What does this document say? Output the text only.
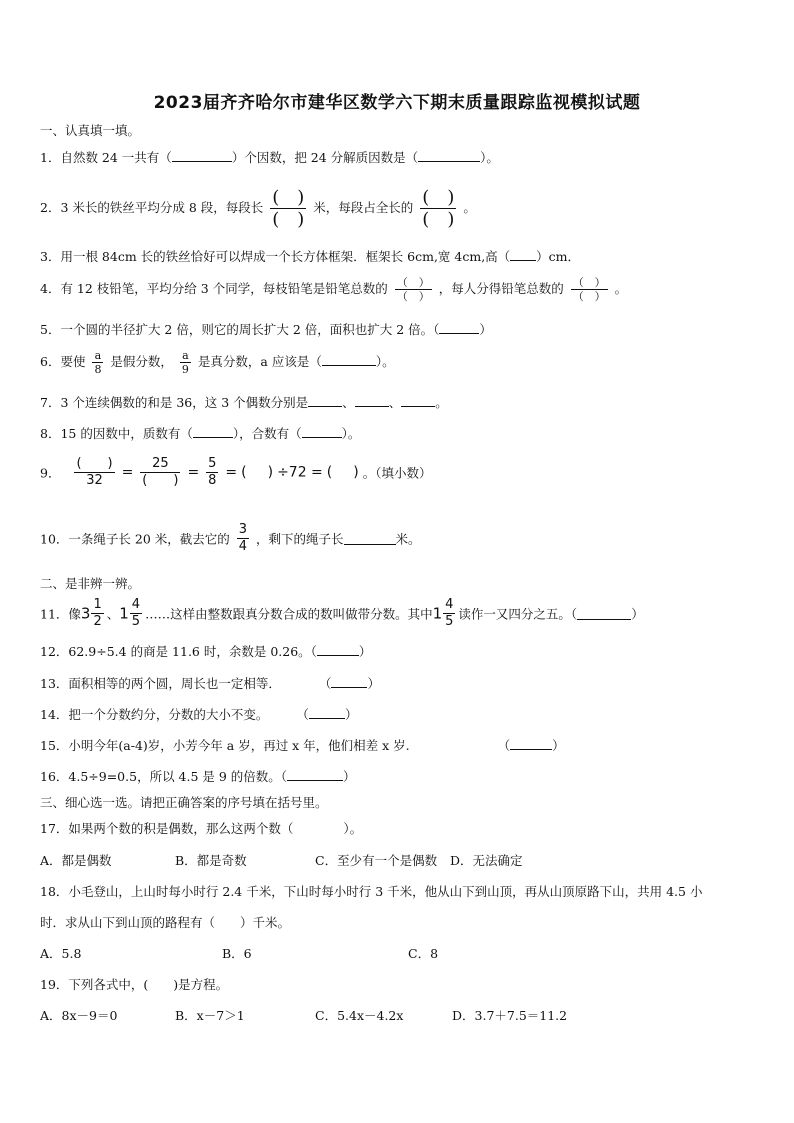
2023届齐齐哈尔市建华区数学六下期末质量跟踪监视模拟试题
一、认真填一填。
1．自然数 24 一共有（	）个因数，把 24 分解质因数是（	）。
2．3 米长的铁丝平均分成 8 段，每段长 $\frac{( )}{( )}$ 米，每段占全长的 $\frac{( )}{( )}$ 。
3．用一根 84cm 长的铁丝恰好可以焊成一个长方体框架．框架长 6cm,宽 4cm,高（ ）cm．
4．有 12 枝铅笔，平均分给 3 个同学，每枝铅笔是铅笔总数的 $\frac{( )}{( )}$ ，每人分得铅笔总数的 $\frac{( )}{( )}$ 。
5．一个圆的半径扩大 2 倍，则它的周长扩大 2 倍，面积也扩大 2 倍。（	）
6．要使 $\frac{a}{8}$ 是假分数， $\frac{a}{9}$ 是真分数，a 应该是（	）。
7．3 个连续偶数的和是 36，这 3 个偶数分别是	、	、	。
8．15 的因数中，质数有（	），合数有（	）。
9． $\frac{( )}{32} = \frac{25}{( )} = \frac{5}{8}$ = (   ) ÷72 = (   ) 。（填小数）
10．一条绳子长 20 米，截去它的 $\frac{3}{4}$ ，剩下的绳子长	米。
二、是非辨一辨。
11．像$3 \frac{1}{2}$ 、$1 \frac{4}{5}$ ……这样由整数跟真分数合成的数叫做带分数。其中$1 \frac{4}{5}$ 读作一又四分之五。（	）
12．62.9÷5.4 的商是 11.6 时，余数是 0.26。（	）
13．面积相等的两个圆，周长也一定相等．	（	）
14．把一个分数约分，分数的大小不变。 （	）
15．小明今年(a-4)岁，小芳今年 a 岁，再过 x 年，他们相差 x 岁.	（	）
16．4.5÷9=0.5，所以 4.5 是 9 的倍数。（	）
三、细心选一选。请把正确答案的序号填在括号里。
17．如果两个数的积是偶数，那么这两个数（　　　　）。
A．都是偶数	B．都是奇数	C．至少有一个是偶数 D．无法确定
18．小毛登山，上山时每小时行 2.4 千米，下山时每小时行 3 千米，他从山下到山顶，再从山顶原路下山，共用 4.5 小
时．求从山下到山顶的路程有（　　）千米。
A．5.8	B．6	C．8
19．下列各式中，(　　)是方程。
A．8x－9＝0	B．x－7＞1	C．5.4x－4.2x	D．3.7＋7.5＝11.2
